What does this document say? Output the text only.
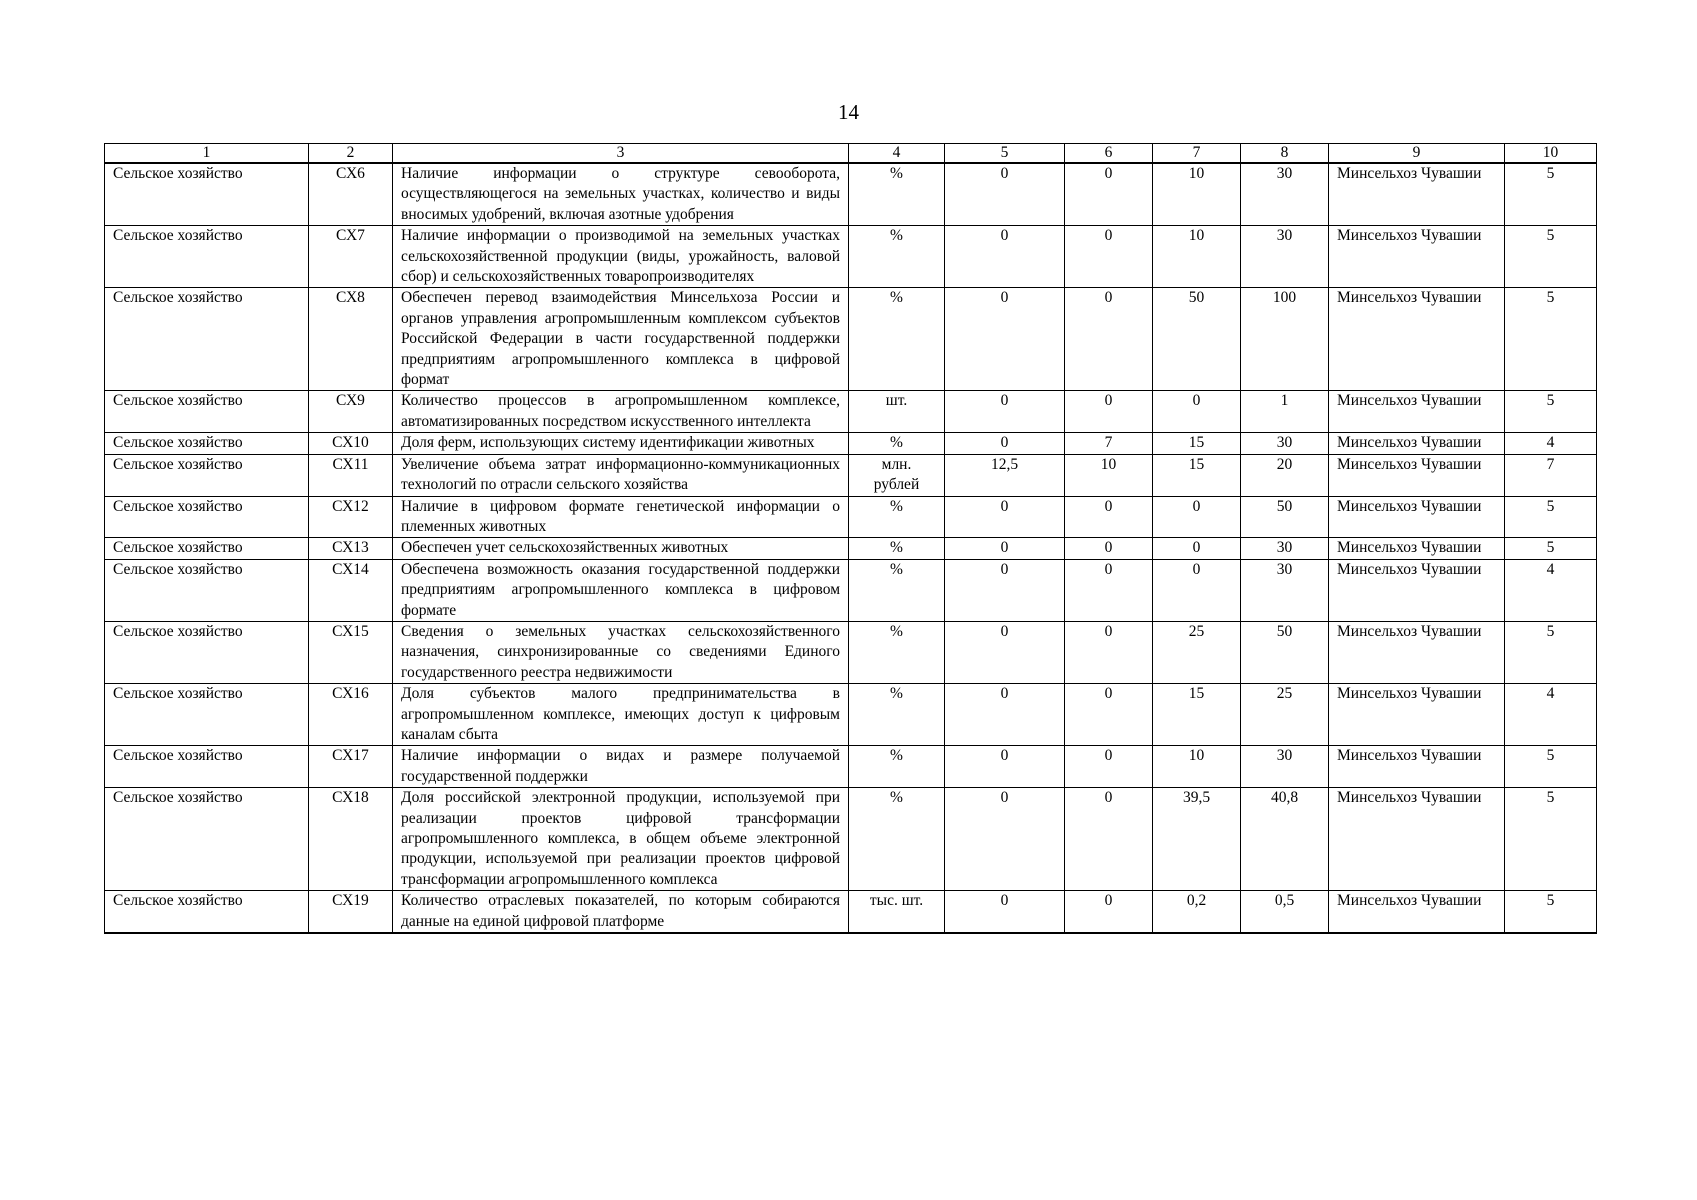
14
1	2	3	4	5	6	7	8	9	10
Сельское хозяйство	СХ6	Наличие информации о структуре севооборота, осуществляющегося на земельных участках, количество и виды вносимых удобрений, включая азотные удобрения	%	0	0	10	30	Минсельхоз Чувашии	5
Сельское хозяйство	СХ7	Наличие информации о производимой на земельных участках сельскохозяйственной продукции (виды, урожайность, валовой сбор) и сельскохозяйственных товаропроизводителях	%	0	0	10	30	Минсельхоз Чувашии	5
Сельское хозяйство	СХ8	Обеспечен перевод взаимодействия Минсельхоза России и органов управления агропромышленным комплексом субъектов Российской Федерации в части государственной поддержки предприятиям агропромышленного комплекса в цифровой формат	%	0	0	50	100	Минсельхоз Чувашии	5
Сельское хозяйство	СХ9	Количество процессов в агропромышленном комплексе, автоматизированных посредством искусственного интеллекта	шт.	0	0	0	1	Минсельхоз Чувашии	5
Сельское хозяйство	СХ10	Доля ферм, использующих систему идентификации животных	%	0	7	15	30	Минсельхоз Чувашии	4
Сельское хозяйство	СХ11	Увеличение объема затрат информационно-коммуникационных технологий по отрасли сельского хозяйства	млн. рублей	12,5	10	15	20	Минсельхоз Чувашии	7
Сельское хозяйство	СХ12	Наличие в цифровом формате генетической информации о племенных животных	%	0	0	0	50	Минсельхоз Чувашии	5
Сельское хозяйство	СХ13	Обеспечен учет сельскохозяйственных животных	%	0	0	0	30	Минсельхоз Чувашии	5
Сельское хозяйство	СХ14	Обеспечена возможность оказания государственной поддержки предприятиям агропромышленного комплекса в цифровом формате	%	0	0	0	30	Минсельхоз Чувашии	4
Сельское хозяйство	СХ15	Сведения о земельных участках сельскохозяйственного назначения, синхронизированные со сведениями Единого государственного реестра недвижимости	%	0	0	25	50	Минсельхоз Чувашии	5
Сельское хозяйство	СХ16	Доля субъектов малого предпринимательства в агропромышленном комплексе, имеющих доступ к цифровым каналам сбыта	%	0	0	15	25	Минсельхоз Чувашии	4
Сельское хозяйство	СХ17	Наличие информации о видах и размере получаемой государственной поддержки	%	0	0	10	30	Минсельхоз Чувашии	5
Сельское хозяйство	СХ18	Доля российской электронной продукции, используемой при реализации проектов цифровой трансформации агропромышленного комплекса, в общем объеме электронной продукции, используемой при реализации проектов цифровой трансформации агропромышленного комплекса	%	0	0	39,5	40,8	Минсельхоз Чувашии	5
Сельское хозяйство	СХ19	Количество отраслевых показателей, по которым собираются данные на единой цифровой платформе	тыс. шт.	0	0	0,2	0,5	Минсельхоз Чувашии	5
